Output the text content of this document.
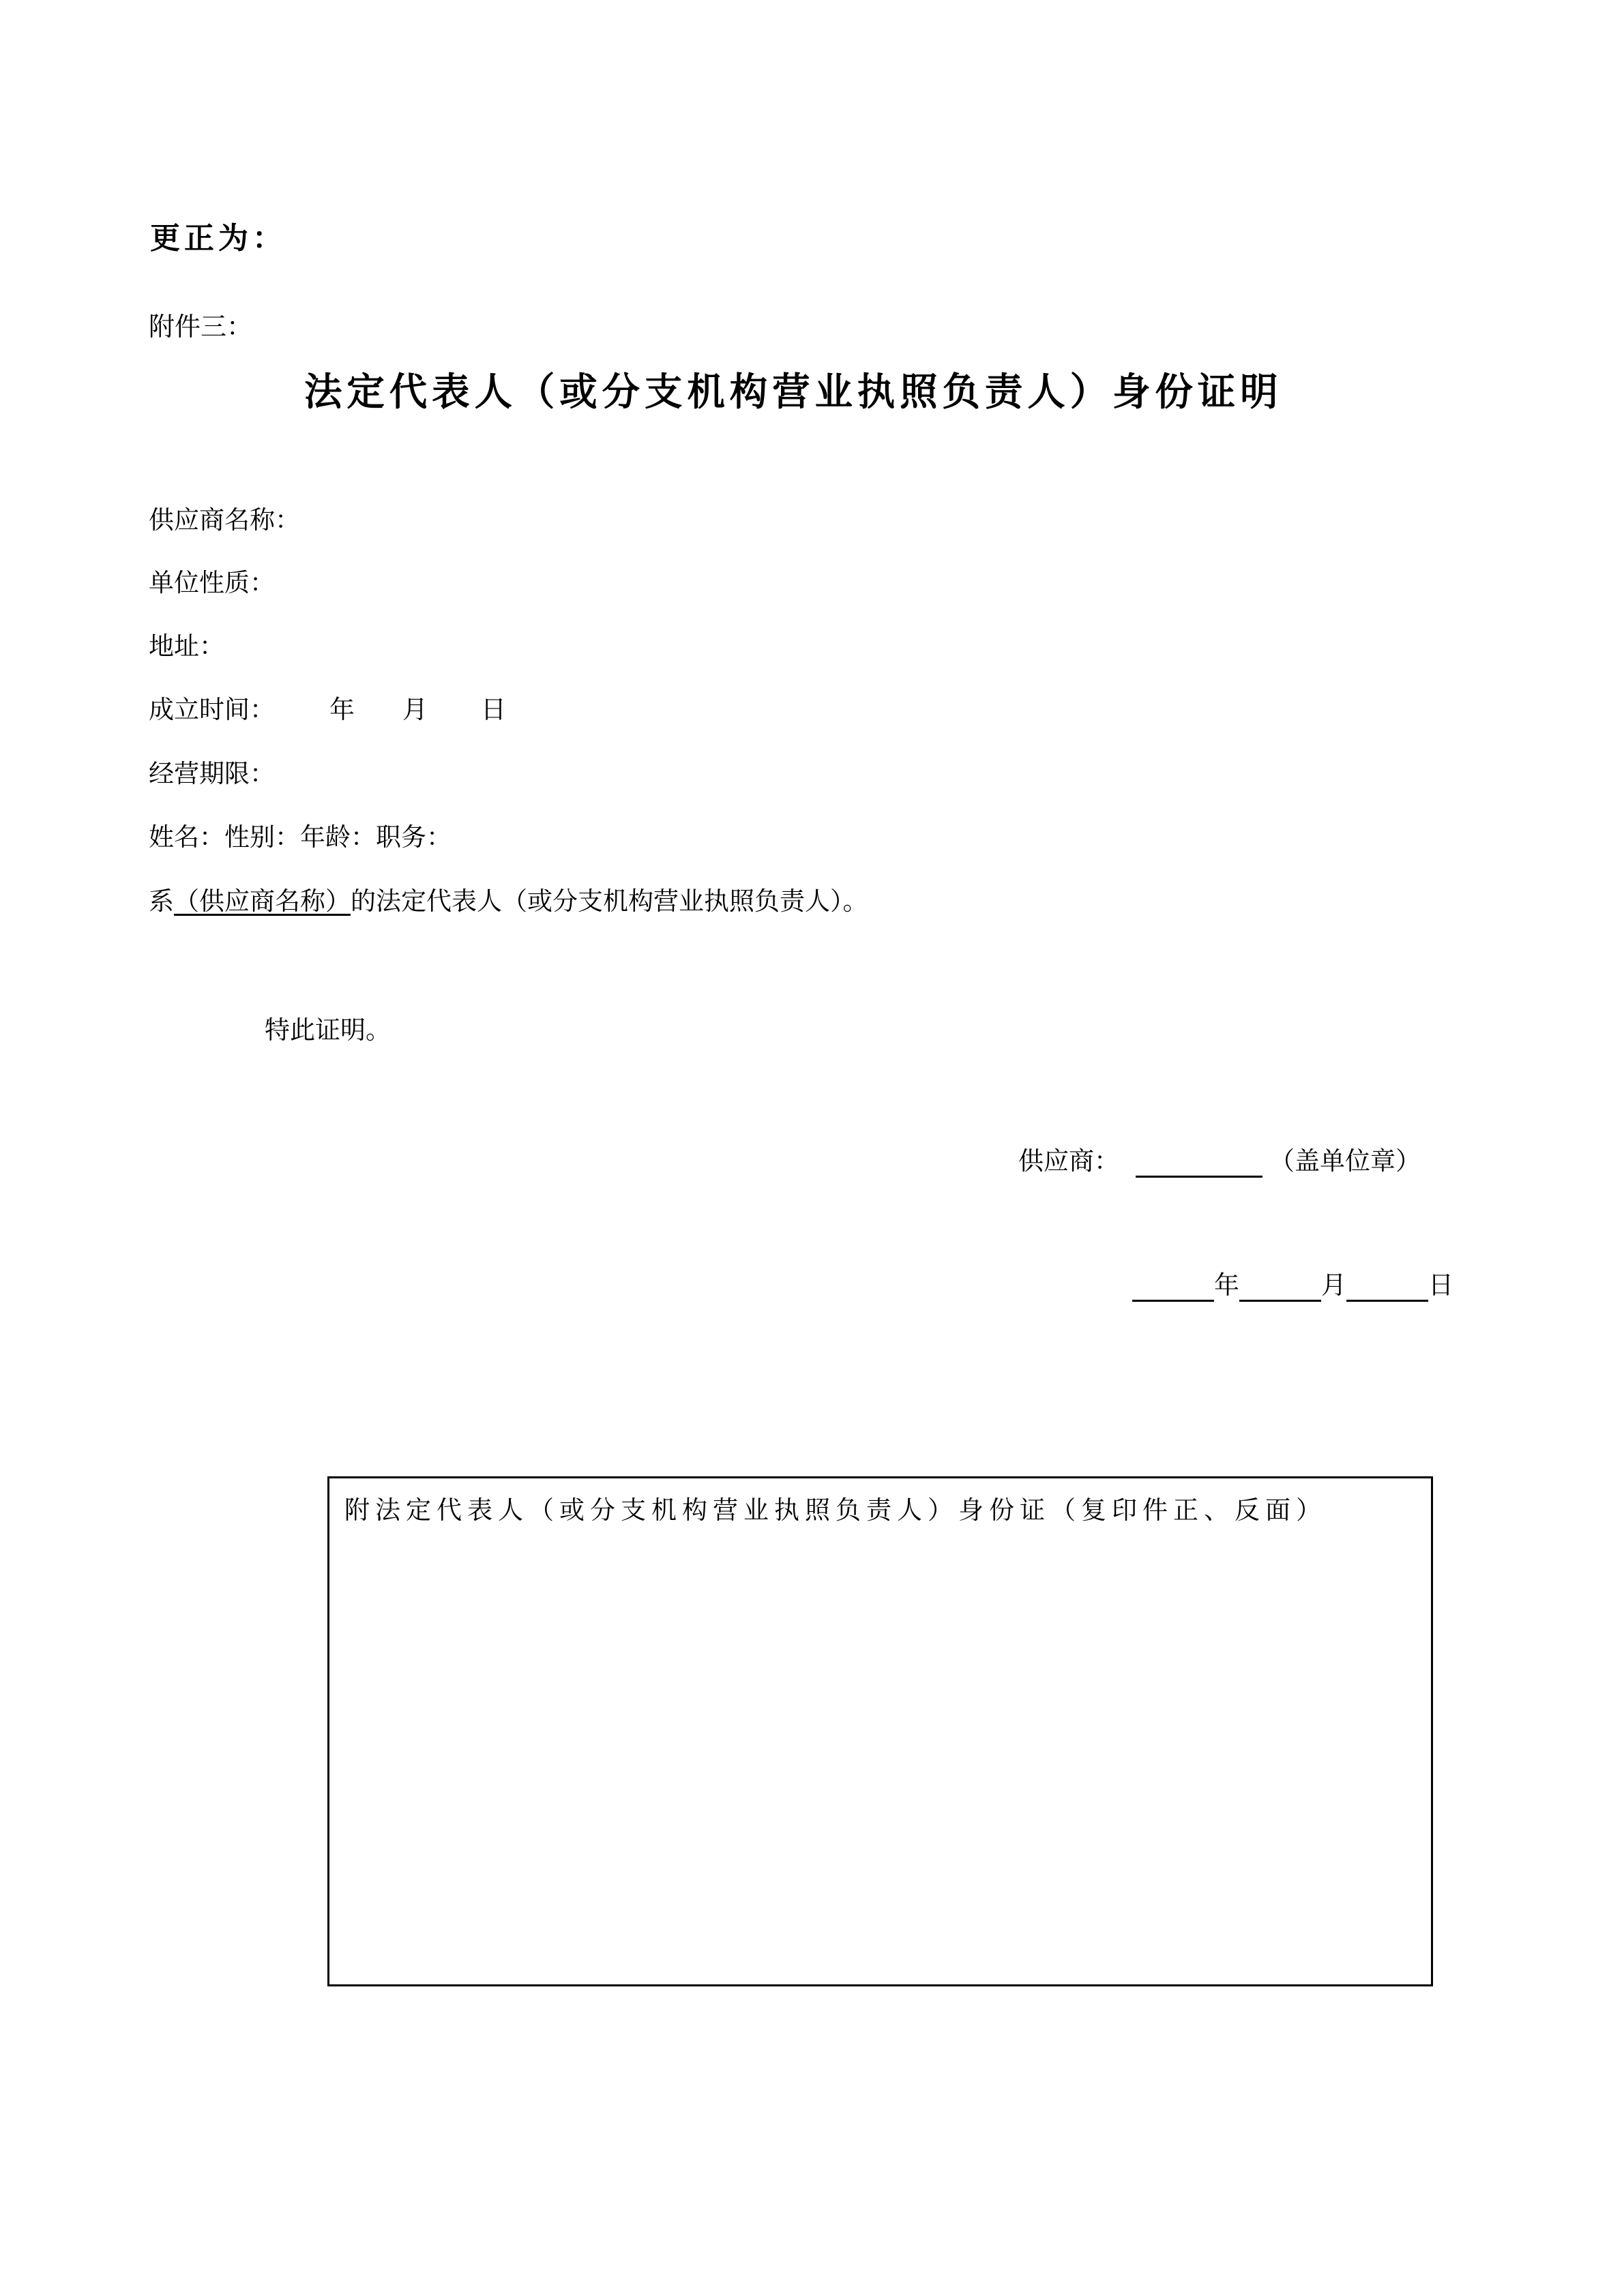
更正为：
附件三：
法定代表人（或分支机构营业执照负责人）身份证明
供应商名称：
单位性质：
地址：
成立时间： 年 月 日
经营期限：
姓名：性别：年龄：职务：
系（供应商名称）的法定代表人（或分支机构营业执照负责人）。
特此证明。
供应商：	（盖单位章）
年	月	日
附法定代表人（或分支机构营业执照负责人）身份证（复印件正、反面）
